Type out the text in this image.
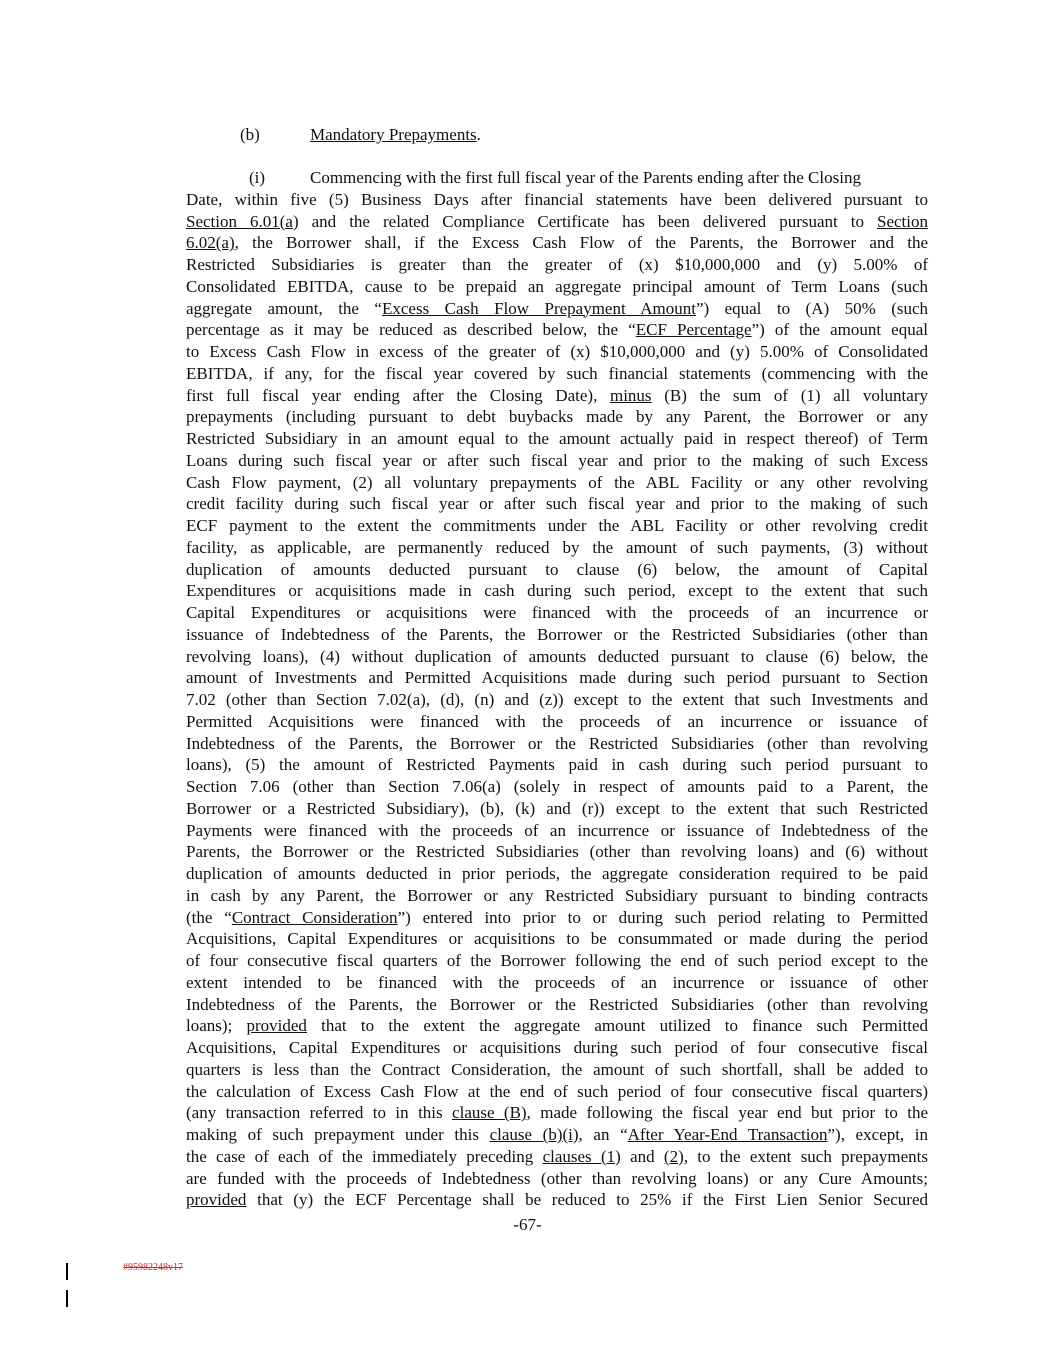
(b)	Mandatory Prepayments.
(i)	Commencing with the first full fiscal year of the Parents ending after the Closing
Date, within five (5) Business Days after financial statements have been delivered pursuant to
Section 6.01(a) and the related Compliance Certificate has been delivered pursuant to Section
6.02(a), the Borrower shall, if the Excess Cash Flow of the Parents, the Borrower and the
Restricted Subsidiaries is greater than the greater of (x) $10,000,000 and (y) 5.00% of
Consolidated EBITDA, cause to be prepaid an aggregate principal amount of Term Loans (such
aggregate amount, the “Excess Cash Flow Prepayment Amount”) equal to (A) 50% (such
percentage as it may be reduced as described below, the “ECF Percentage”) of the amount equal
to Excess Cash Flow in excess of the greater of (x) $10,000,000 and (y) 5.00% of Consolidated
EBITDA, if any, for the fiscal year covered by such financial statements (commencing with the
first full fiscal year ending after the Closing Date), minus (B) the sum of (1) all voluntary
prepayments (including pursuant to debt buybacks made by any Parent, the Borrower or any
Restricted Subsidiary in an amount equal to the amount actually paid in respect thereof) of Term
Loans during such fiscal year or after such fiscal year and prior to the making of such Excess
Cash Flow payment, (2) all voluntary prepayments of the ABL Facility or any other revolving
credit facility during such fiscal year or after such fiscal year and prior to the making of such
ECF payment to the extent the commitments under the ABL Facility or other revolving credit
facility, as applicable, are permanently reduced by the amount of such payments, (3) without
duplication of amounts deducted pursuant to clause (6) below, the amount of Capital
Expenditures or acquisitions made in cash during such period, except to the extent that such
Capital Expenditures or acquisitions were financed with the proceeds of an incurrence or
issuance of Indebtedness of the Parents, the Borrower or the Restricted Subsidiaries (other than
revolving loans), (4) without duplication of amounts deducted pursuant to clause (6) below, the
amount of Investments and Permitted Acquisitions made during such period pursuant to Section
7.02 (other than Section 7.02(a), (d), (n) and (z)) except to the extent that such Investments and
Permitted Acquisitions were financed with the proceeds of an incurrence or issuance of
Indebtedness of the Parents, the Borrower or the Restricted Subsidiaries (other than revolving
loans), (5) the amount of Restricted Payments paid in cash during such period pursuant to
Section 7.06 (other than Section 7.06(a) (solely in respect of amounts paid to a Parent, the
Borrower or a Restricted Subsidiary), (b), (k) and (r)) except to the extent that such Restricted
Payments were financed with the proceeds of an incurrence or issuance of Indebtedness of the
Parents, the Borrower or the Restricted Subsidiaries (other than revolving loans) and (6) without
duplication of amounts deducted in prior periods, the aggregate consideration required to be paid
in cash by any Parent, the Borrower or any Restricted Subsidiary pursuant to binding contracts
(the “Contract Consideration”) entered into prior to or during such period relating to Permitted
Acquisitions, Capital Expenditures or acquisitions to be consummated or made during the period
of four consecutive fiscal quarters of the Borrower following the end of such period except to the
extent intended to be financed with the proceeds of an incurrence or issuance of other
Indebtedness of the Parents, the Borrower or the Restricted Subsidiaries (other than revolving
loans); provided that to the extent the aggregate amount utilized to finance such Permitted
Acquisitions, Capital Expenditures or acquisitions during such period of four consecutive fiscal
quarters is less than the Contract Consideration, the amount of such shortfall, shall be added to
the calculation of Excess Cash Flow at the end of such period of four consecutive fiscal quarters)
(any transaction referred to in this clause (B), made following the fiscal year end but prior to the
making of such prepayment under this clause (b)(i), an “After Year-End Transaction”), except, in
the case of each of the immediately preceding clauses (1) and (2), to the extent such prepayments
are funded with the proceeds of Indebtedness (other than revolving loans) or any Cure Amounts;
provided that (y) the ECF Percentage shall be reduced to 25% if the First Lien Senior Secured
-67-
#95982248v17
